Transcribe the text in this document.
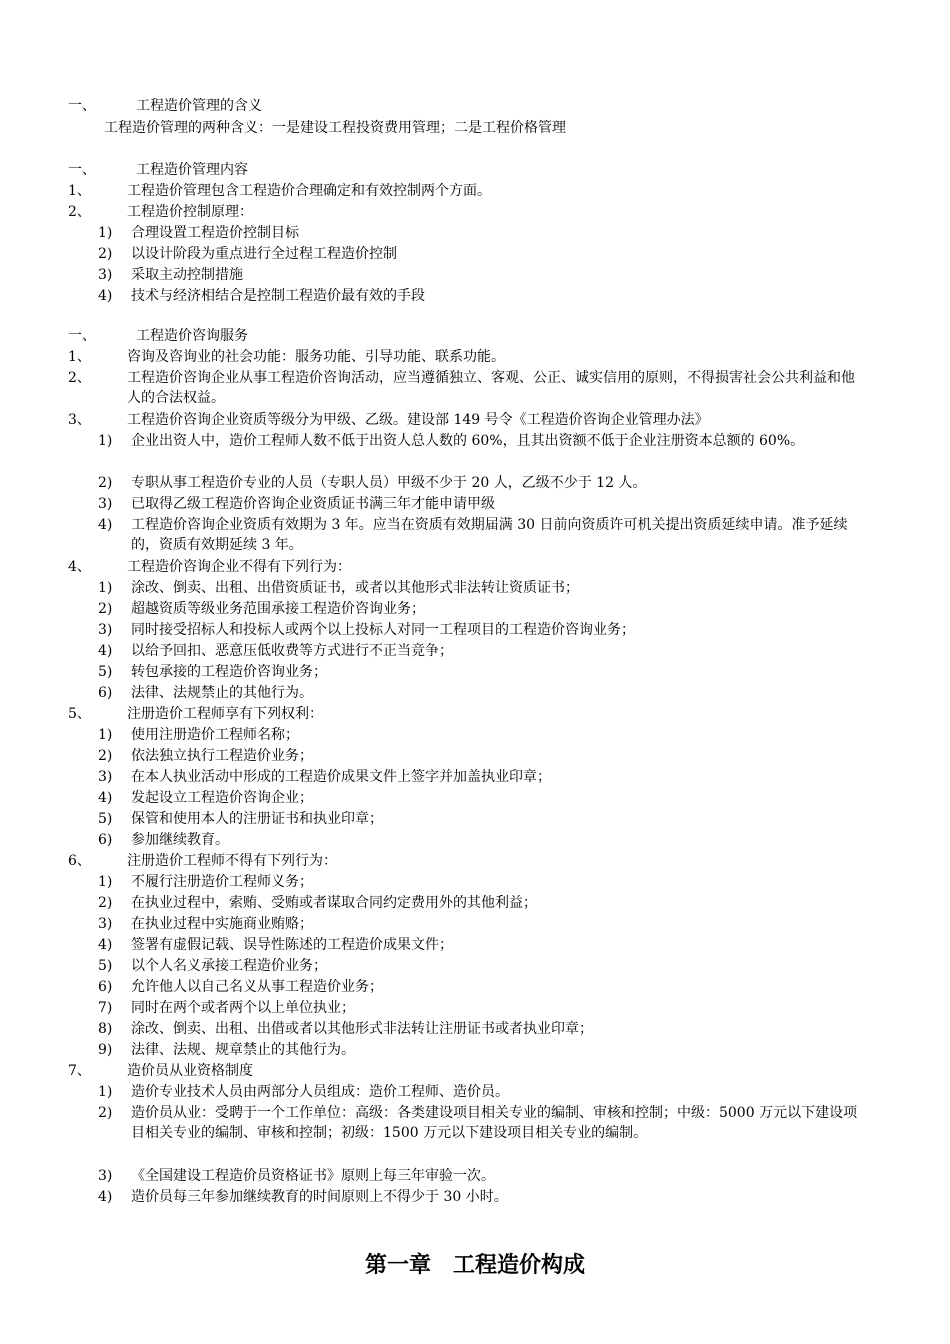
一、	工程造价管理的含义
工程造价管理的两种含义：一是建设工程投资费用管理；二是工程价格管理
一、	工程造价管理内容
1、	工程造价管理包含工程造价合理确定和有效控制两个方面。
2、	工程造价控制原理：
1) 合理设置工程造价控制目标
2) 以设计阶段为重点进行全过程工程造价控制
3) 采取主动控制措施
4) 技术与经济相结合是控制工程造价最有效的手段
一、	工程造价咨询服务
1、	咨询及咨询业的社会功能：服务功能、引导功能、联系功能。
2、	工程造价咨询企业从事工程造价咨询活动，应当遵循独立、客观、公正、诚实信用的原则，不得损害社会公共利益和他人的合法权益。
3、	工程造价咨询企业资质等级分为甲级、乙级。建设部 149 号令《工程造价咨询企业管理办法》
1) 企业出资人中，造价工程师人数不低于出资人总人数的 60%，且其出资额不低于企业注册资本总额的 60%。
2) 专职从事工程造价专业的人员（专职人员）甲级不少于 20 人，乙级不少于 12 人。
3) 已取得乙级工程造价咨询企业资质证书满三年才能申请甲级
4) 工程造价咨询企业资质有效期为 3 年。应当在资质有效期届满 30 日前向资质许可机关提出资质延续申请。准予延续的，资质有效期延续 3 年。
4、	工程造价咨询企业不得有下列行为：
1) 涂改、倒卖、出租、出借资质证书，或者以其他形式非法转让资质证书；
2) 超越资质等级业务范围承接工程造价咨询业务；
3) 同时接受招标人和投标人或两个以上投标人对同一工程项目的工程造价咨询业务；
4) 以给予回扣、恶意压低收费等方式进行不正当竞争；
5) 转包承接的工程造价咨询业务；
6) 法律、法规禁止的其他行为。
5、	注册造价工程师享有下列权利：
1) 使用注册造价工程师名称；
2) 依法独立执行工程造价业务；
3) 在本人执业活动中形成的工程造价成果文件上签字并加盖执业印章；
4) 发起设立工程造价咨询企业；
5) 保管和使用本人的注册证书和执业印章；
6) 参加继续教育。
6、	注册造价工程师不得有下列行为：
1) 不履行注册造价工程师义务；
2) 在执业过程中，索贿、受贿或者谋取合同约定费用外的其他利益；
3) 在执业过程中实施商业贿赂；
4) 签署有虚假记载、误导性陈述的工程造价成果文件；
5) 以个人名义承接工程造价业务；
6) 允许他人以自己名义从事工程造价业务；
7) 同时在两个或者两个以上单位执业；
8) 涂改、倒卖、出租、出借或者以其他形式非法转让注册证书或者执业印章；
9) 法律、法规、规章禁止的其他行为。
7、	造价员从业资格制度
1) 造价专业技术人员由两部分人员组成：造价工程师、造价员。
2) 造价员从业：受聘于一个工作单位：高级：各类建设项目相关专业的编制、审核和控制；中级：5000 万元以下建设项目相关专业的编制、审核和控制；初级：1500 万元以下建设项目相关专业的编制。
3) 《全国建设工程造价员资格证书》原则上每三年审验一次。
4) 造价员每三年参加继续教育的时间原则上不得少于 30 小时。
第一章　工程造价构成
